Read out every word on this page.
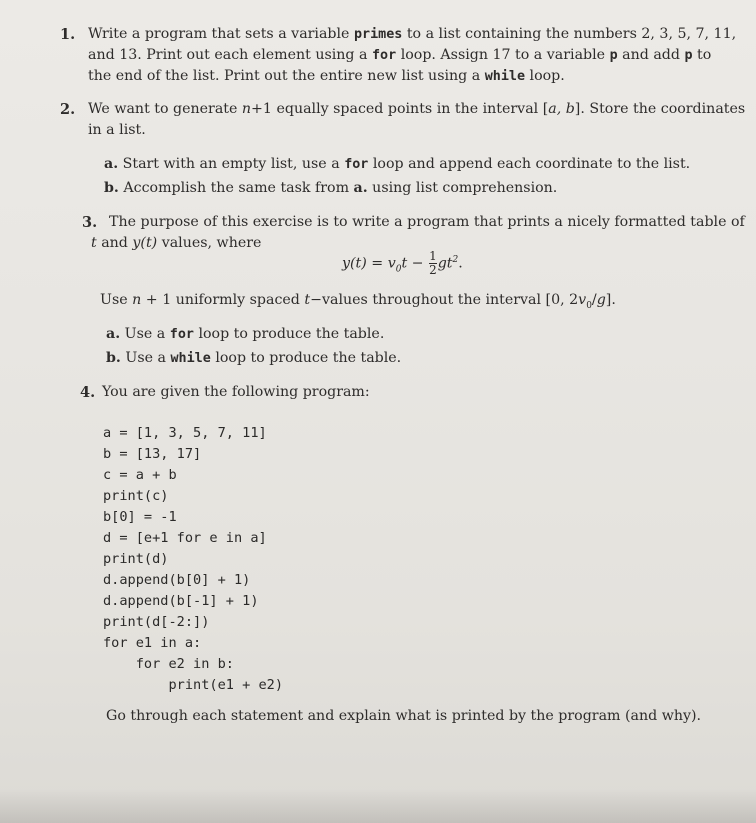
1. Write a program that sets a variable primes to a list containing the numbers 2, 3, 5, 7, 11,
and 13. Print out each element using a for loop. Assign 17 to a variable p and add p to
the end of the list. Print out the entire new list using a while loop.
2. We want to generate n+1 equally spaced points in the interval [a, b]. Store the coordinates
in a list.
a. Start with an empty list, use a for loop and append each coordinate to the list.
b. Accomplish the same task from a. using list comprehension.
3. The purpose of this exercise is to write a program that prints a nicely formatted table of
t and y(t) values, where
$y(t) = v_0t - \frac{1}{2} gt^2$.
Use n + 1 uniformly spaced t−values throughout the interval [0, $2v_0/g$].
a. Use a for loop to produce the table.
b. Use a while loop to produce the table.
4. You are given the following program:
a = [1, 3, 5, 7, 11]
b = [13, 17]
c = a + b
print(c)
b[0] = -1
d = [e+1 for e in a]
print(d)
d.append(b[0] + 1)
d.append(b[-1] + 1)
print(d[-2:])
for e1 in a:
for e2 in b:
print(e1 + e2)
Go through each statement and explain what is printed by the program (and why).
